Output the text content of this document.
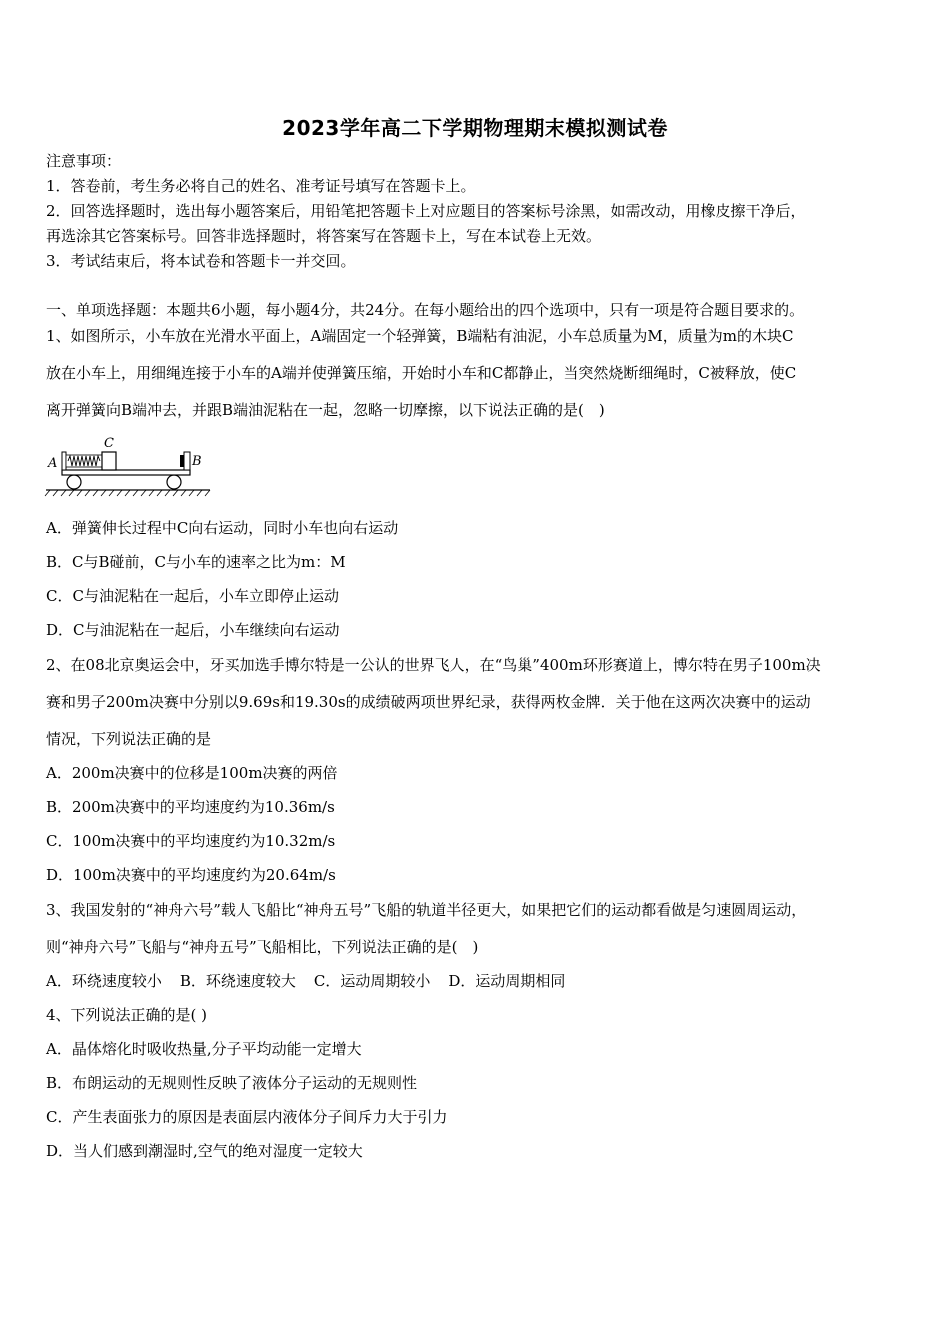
2023学年高二下学期物理期末模拟测试卷
注意事项：
1．答卷前，考生务必将自己的姓名、准考证号填写在答题卡上。
2．回答选择题时，选出每小题答案后，用铅笔把答题卡上对应题目的答案标号涂黑，如需改动，用橡皮擦干净后，
再选涂其它答案标号。回答非选择题时，将答案写在答题卡上，写在本试卷上无效。
3．考试结束后，将本试卷和答题卡一并交回。
一、单项选择题：本题共6小题，每小题4分，共24分。在每小题给出的四个选项中，只有一项是符合题目要求的。
1、如图所示，小车放在光滑水平面上，A端固定一个轻弹簧，B端粘有油泥，小车总质量为M，质量为m的木块C
放在小车上，用细绳连接于小车的A端并使弹簧压缩，开始时小车和C都静止，当突然烧断细绳时，C被释放，使C
离开弹簧向B端冲去，并跟B端油泥粘在一起，忽略一切摩擦，以下说法正确的是(　)
A
C
B
A．弹簧伸长过程中C向右运动，同时小车也向右运动
B．C与B碰前，C与小车的速率之比为m：M
C．C与油泥粘在一起后，小车立即停止运动
D．C与油泥粘在一起后，小车继续向右运动
2、在08北京奥运会中，牙买加选手博尔特是一公认的世界飞人，在“鸟巢”400m环形赛道上，博尔特在男子100m决
赛和男子200m决赛中分别以9.69s和19.30s的成绩破两项世界纪录，获得两枚金牌．关于他在这两次决赛中的运动
情况，下列说法正确的是
A．200m决赛中的位移是100m决赛的两倍
B．200m决赛中的平均速度约为10.36m/s
C．100m决赛中的平均速度约为10.32m/s
D．100m决赛中的平均速度约为20.64m/s
3、我国发射的“神舟六号”载人飞船比“神舟五号”飞船的轨道半径更大，如果把它们的运动都看做是匀速圆周运动，
则“神舟六号”飞船与“神舟五号”飞船相比，下列说法正确的是(　)
A．环绕速度较小 B．环绕速度较大 C．运动周期较小 D．运动周期相同
4、下列说法正确的是( )
A．晶体熔化时吸收热量,分子平均动能一定增大
B．布朗运动的无规则性反映了液体分子运动的无规则性
C．产生表面张力的原因是表面层内液体分子间斥力大于引力
D．当人们感到潮湿时,空气的绝对湿度一定较大
